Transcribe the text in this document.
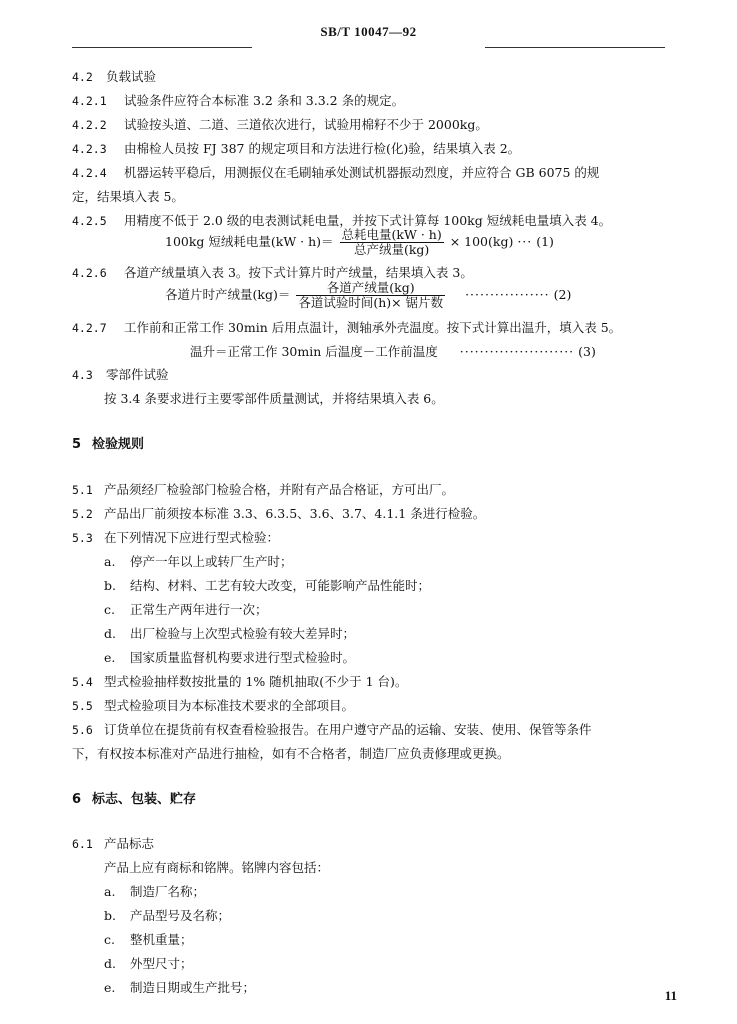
SB/T 10047—92
4.2 负载试验
4.2.1 试验条件应符合本标准 3.2 条和 3.3.2 条的规定。
4.2.2 试验按头道、二道、三道依次进行，试验用棉籽不少于 2000kg。
4.2.3 由棉检人员按 FJ 387 的规定项目和方法进行检(化)验，结果填入表 2。
4.2.4 机器运转平稳后，用测振仪在毛刷轴承处测试机器振动烈度，并应符合 GB 6075 的规
定，结果填入表 5。
4.2.5 用精度不低于 2.0 级的电表测试耗电量，并按下式计算每 100kg 短绒耗电量填入表 4。
100kg 短绒耗电量$(kW \cdot h)= \frac{\text{总耗电量(kW · h)}}{\text{总产绒量(kg)}} \times 100(kg)$ ··· (1)
4.2.6 各道产绒量填入表 3。按下式计算片时产绒量，结果填入表 3。
各道片时产绒量$(kg)= \frac{\text{各道产绒量(kg)}}{\text{各道试验时间(h)× 锯片数}}$ ················· (2)
4.2.7 工作前和正常工作 30min 后用点温计，测轴承外壳温度。按下式计算出温升，填入表 5。
温升＝正常工作 30min 后温度－工作前温度 ······················· (3)
4.3 零部件试验
按 3.4 条要求进行主要零部件质量测试，并将结果填入表 6。
5 检验规则
5.1 产品须经厂检验部门检验合格，并附有产品合格证，方可出厂。
5.2 产品出厂前须按本标准 3.3、6.3.5、3.6、3.7、4.1.1 条进行检验。
5.3 在下列情况下应进行型式检验：
a. 停产一年以上或转厂生产时；
b. 结构、材料、工艺有较大改变，可能影响产品性能时；
c. 正常生产两年进行一次；
d. 出厂检验与上次型式检验有较大差异时；
e. 国家质量监督机构要求进行型式检验时。
5.4 型式检验抽样数按批量的 1% 随机抽取(不少于 1 台)。
5.5 型式检验项目为本标准技术要求的全部项目。
5.6 订货单位在提货前有权查看检验报告。在用户遵守产品的运输、安装、使用、保管等条件
下，有权按本标准对产品进行抽检，如有不合格者，制造厂应负责修理或更换。
6 标志、包装、贮存
6.1 产品标志
产品上应有商标和铭牌。铭牌内容包括：
a. 制造厂名称；
b. 产品型号及名称；
c. 整机重量；
d. 外型尺寸；
e. 制造日期或生产批号；
11
